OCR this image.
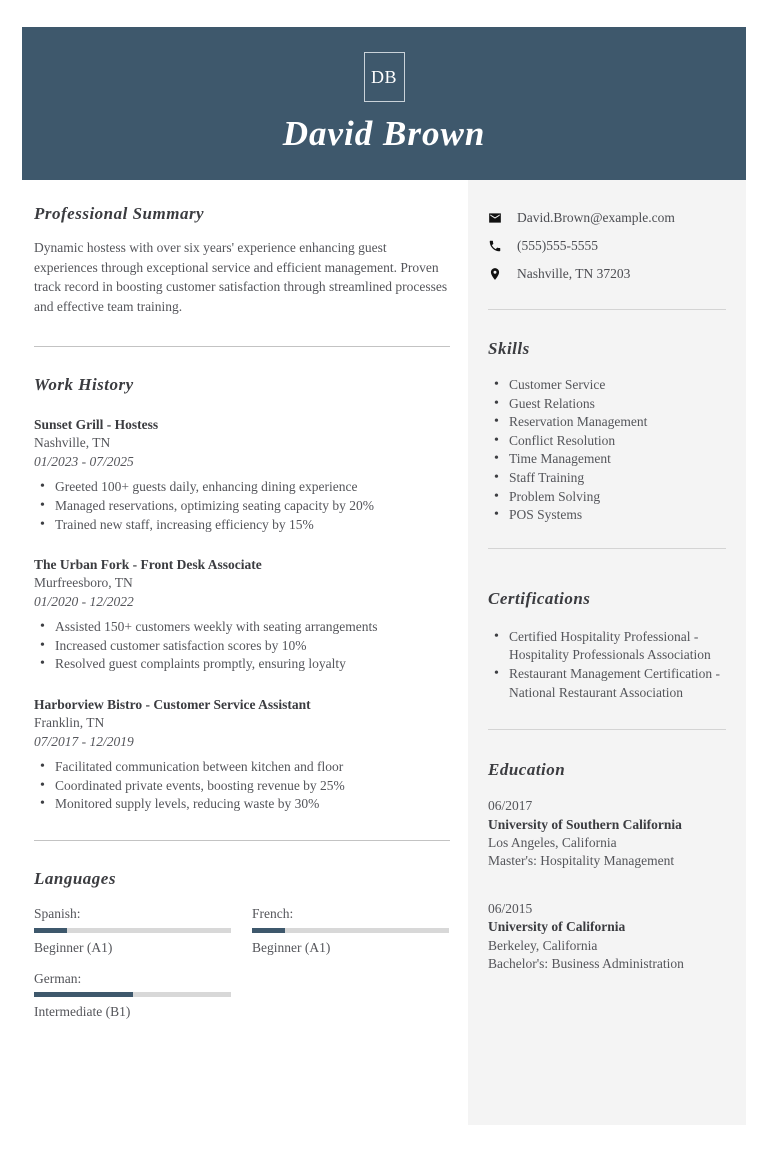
DB
David Brown
Professional Summary

Dynamic hostess with over six years' experience enhancing guest experiences through exceptional service and efficient management. Proven track record in boosting customer satisfaction through streamlined processes and effective team training.

Work History
Sunset Grill - Hostess
Nashville, TN
01/2023 - 07/2025
• Greeted 100+ guests daily, enhancing dining experience
• Managed reservations, optimizing seating capacity by 20%
• Trained new staff, increasing efficiency by 15%
The Urban Fork - Front Desk Associate
Murfreesboro, TN
01/2020 - 12/2022
• Assisted 150+ customers weekly with seating arrangements
• Increased customer satisfaction scores by 10%
• Resolved guest complaints promptly, ensuring loyalty
Harborview Bistro - Customer Service Assistant
Franklin, TN
07/2017 - 12/2019
• Facilitated communication between kitchen and floor
• Coordinated private events, boosting revenue by 25%
• Monitored supply levels, reducing waste by 30%
Languages
Spanish:
Beginner (A1)
French:
Beginner (A1)
German:
Intermediate (B1)
David.Brown@example.com
(555)555-5555
Nashville, TN 37203
Skills
• Customer Service
• Guest Relations
• Reservation Management
• Conflict Resolution
• Time Management
• Staff Training
• Problem Solving
• POS Systems
Certifications
• Certified Hospitality Professional - Hospitality Professionals Association
• Restaurant Management Certification - National Restaurant Association
Education
06/2017
University of Southern California
Los Angeles, California
Master's: Hospitality Management
06/2015
University of California
Berkeley, California
Bachelor's: Business Administration
